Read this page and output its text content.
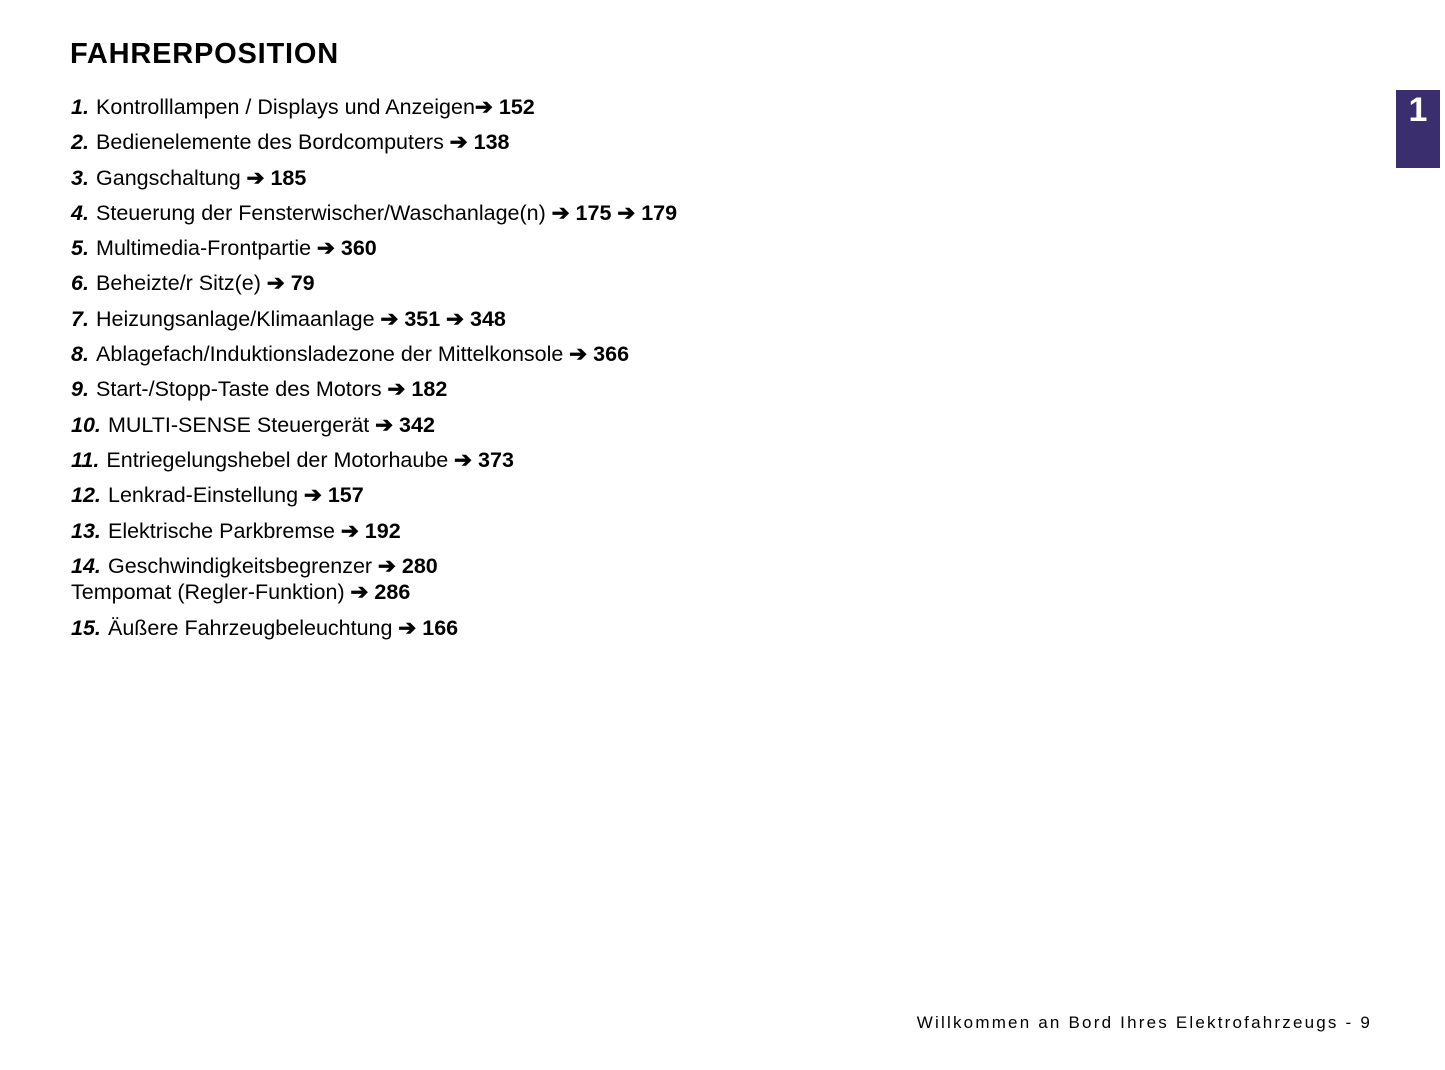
FAHRERPOSITION
1
1. Kontrolllampen / Displays und Anzeigen➔ 152
2. Bedienelemente des Bordcomputers ➔ 138
3. Gangschaltung ➔ 185
4. Steuerung der Fensterwischer/Waschanlage(n) ➔ 175 ➔ 179
5. Multimedia-Frontpartie ➔ 360
6. Beheizte/r Sitz(e) ➔ 79
7. Heizungsanlage/Klimaanlage ➔ 351 ➔ 348
8. Ablagefach/Induktionsladezone der Mittelkonsole ➔ 366
9. Start-/Stopp-Taste des Motors ➔ 182
10. MULTI-SENSE Steuergerät ➔ 342
11. Entriegelungshebel der Motorhaube ➔ 373
12. Lenkrad-Einstellung ➔ 157
13. Elektrische Parkbremse ➔ 192
14. Geschwindigkeitsbegrenzer ➔ 280
Tempomat (Regler-Funktion) ➔ 286
15. Äußere Fahrzeugbeleuchtung ➔ 166
Willkommen an Bord Ihres Elektrofahrzeugs - 9
